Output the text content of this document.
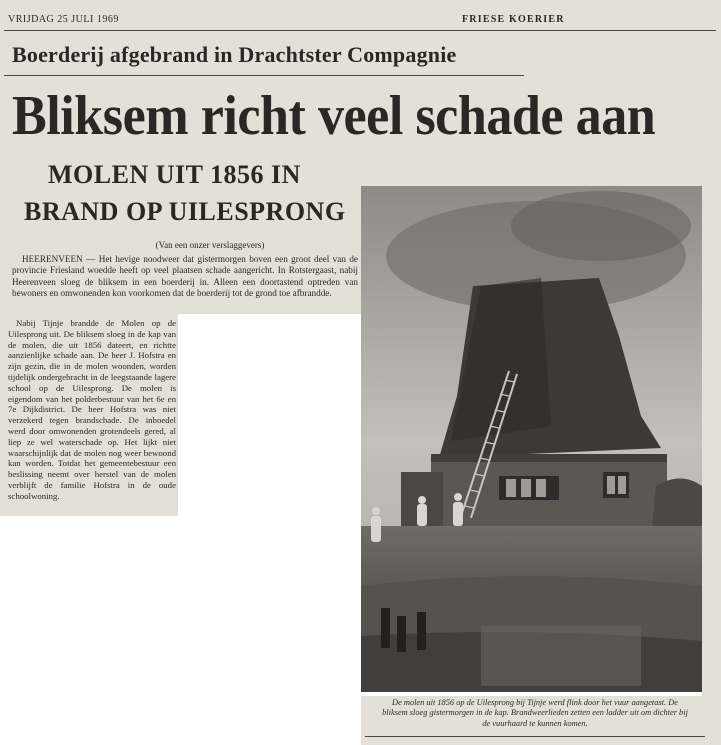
VRIJDAG 25 JULI 1969	FRIESE KOERIER
Boerderij afgebrand in Drachtster Compagnie
Bliksem richt veel schade aan
MOLEN UIT 1856 IN
BRAND OP UILESPRONG
(Van een onzer verslaggevers)

HEERENVEEN — Het hevige noodweer dat gistermorgen boven een groot deel van de provincie Friesland woedde heeft op veel plaatsen schade aangericht. In Rotstergaast, nabij Heerenveen sloeg de bliksem in een boerderij in. Alleen een doortastend optreden van bewoners en omwonenden kon voorkomen dat de boerderij tot de grond toe afbrandde.

De molen uit 1856 op de Uilesprong bij Tijnje werd flink door het vuur aangetast. De bliksem sloeg gistermorgen in de kap. Brandweerlieden zetten een ladder uit om dichter bij de vuurhaard te kunnen komen.

Nabij Tijnje brandde de Molen op de Uilesprong uit. De bliksem sloeg in de kap van de molen, die uit 1856 dateert, en richtte aanzienlijke schade aan. De heer J. Hofstra en zijn gezin, die in de molen woonden, worden tijdelijk ondergebracht in de leegstaande lagere school op de Uilesprong. De molen is eigendom van het polderbestuur van het 6e en 7e Dijkdistrict. De heer Hofstra was niet verzekerd tegen brandschade. De inboedel werd door omwonenden grotendeels gered, al liep ze wel waterschade op. Het lijkt niet waarschijnlijk dat de molen nog weer bewoond kan worden. Totdat het gemeentebestuur een beslissing neemt over herstel van de molen verblijft de familie Hofstra in de oude schoolwoning.
